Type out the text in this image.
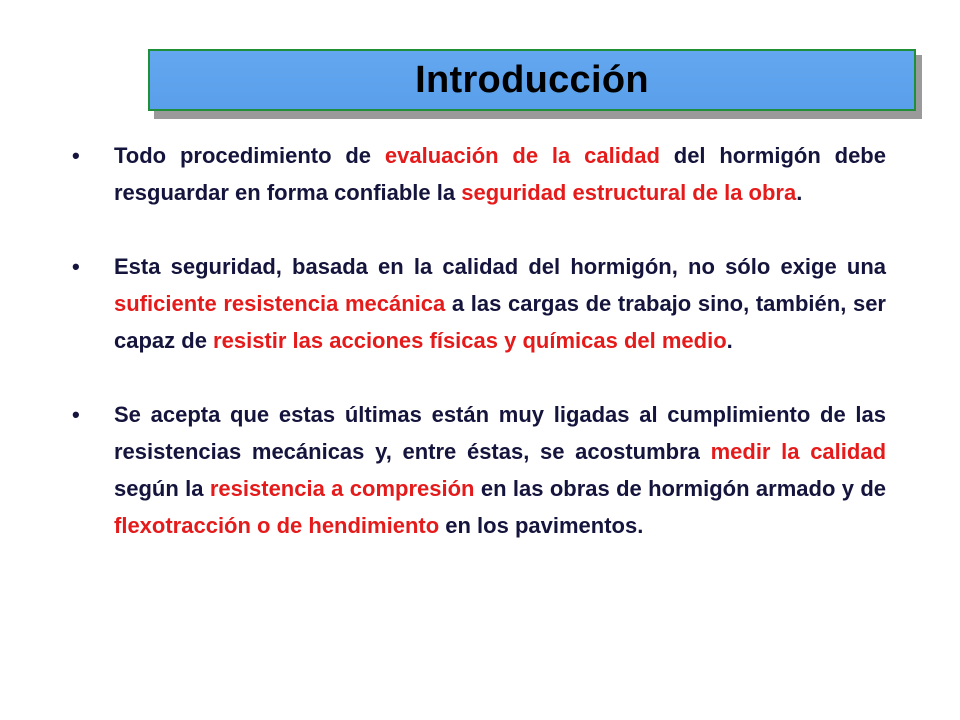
Introducción
•	Todo procedimiento de evaluación de la calidad del hormigón debe resguardar en forma confiable la seguridad estructural de la obra.
•	Esta seguridad, basada en la calidad del hormigón, no sólo exige una suficiente resistencia mecánica a las cargas de trabajo sino, también, ser capaz de resistir las acciones físicas y químicas del medio.
•	Se acepta que estas últimas están muy ligadas al cumplimiento de las resistencias mecánicas y, entre éstas, se acostumbra medir la calidad según la resistencia a compresión en las obras de hormigón armado y de flexotracción o de hendimiento en los pavimentos.
